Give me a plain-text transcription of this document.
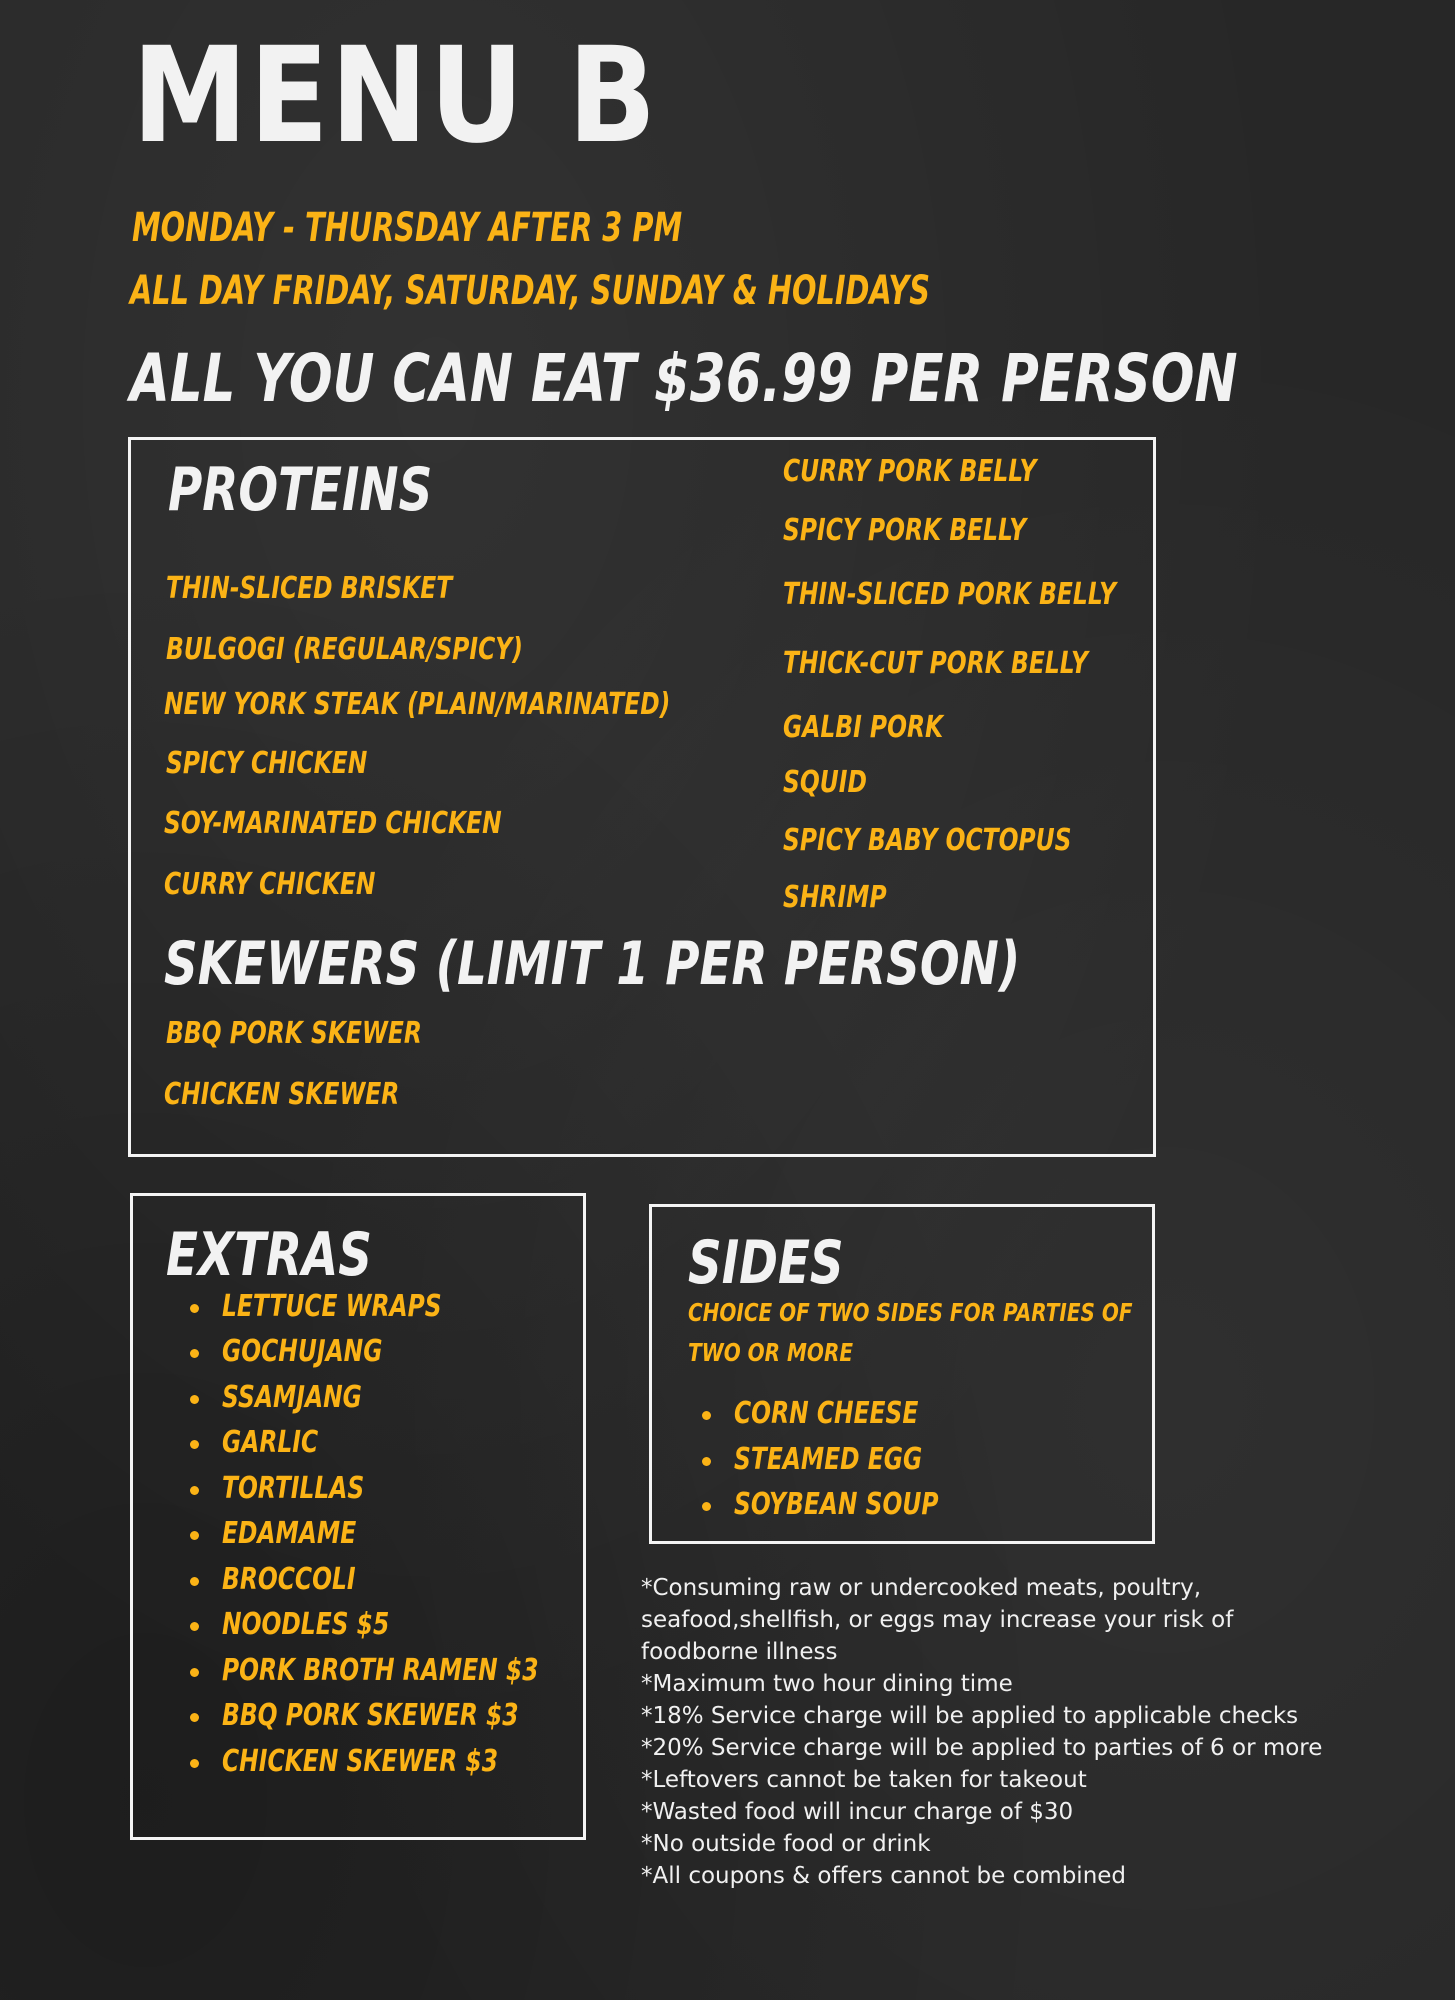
MENU B
MONDAY - THURSDAY AFTER 3 PM
ALL DAY FRIDAY, SATURDAY, SUNDAY & HOLIDAYS
ALL YOU CAN EAT $36.99 PER PERSON
PROTEINS
THIN-SLICED BRISKET
BULGOGI (REGULAR/SPICY)
NEW YORK STEAK (PLAIN/MARINATED)
SPICY CHICKEN
SOY-MARINATED CHICKEN
CURRY CHICKEN
CURRY PORK BELLY
SPICY PORK BELLY
THIN-SLICED PORK BELLY
THICK-CUT PORK BELLY
GALBI PORK
SQUID
SPICY BABY OCTOPUS
SHRIMP
SKEWERS (LIMIT 1 PER PERSON)
BBQ PORK SKEWER
CHICKEN SKEWER
EXTRAS
LETTUCE WRAPS
GOCHUJANG
SSAMJANG
GARLIC
TORTILLAS
EDAMAME
BROCCOLI
NOODLES $5
PORK BROTH RAMEN $3
BBQ PORK SKEWER $3
CHICKEN SKEWER $3
SIDES
CHOICE OF TWO SIDES FOR PARTIES OF
TWO OR MORE
CORN CHEESE
STEAMED EGG
SOYBEAN SOUP
*Consuming raw or undercooked meats, poultry,
seafood,shellfish, or eggs may increase your risk of
foodborne illness
*Maximum two hour dining time
*18% Service charge will be applied to applicable checks
*20% Service charge will be applied to parties of 6 or more
*Leftovers cannot be taken for takeout
*Wasted food will incur charge of $30
*No outside food or drink
*All coupons & offers cannot be combined
